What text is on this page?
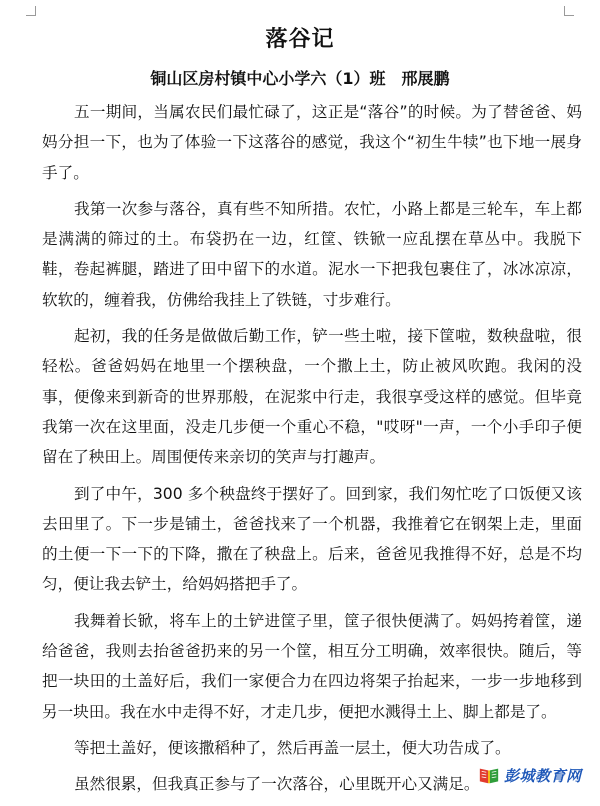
落谷记
铜山区房村镇中心小学六（1）班　邢展鹏

五一期间，当属农民们最忙碌了，这正是“落谷”的时候。为了替爸爸、妈妈分担一下，也为了体验一下这落谷的感觉，我这个“初生牛犊”也下地一展身手了。

我第一次参与落谷，真有些不知所措。农忙，小路上都是三轮车，车上都是满满的筛过的土。布袋扔在一边，红筐、铁锨一应乱摆在草丛中。我脱下鞋，卷起裤腿，踏进了田中留下的水道。泥水一下把我包裹住了，冰冰凉凉，软软的，缠着我，仿佛给我挂上了铁链，寸步难行。

起初，我的任务是做做后勤工作，铲一些土啦，接下筐啦，数秧盘啦，很轻松。爸爸妈妈在地里一个摆秧盘，一个撒上土，防止被风吹跑。我闲的没事，便像来到新奇的世界那般，在泥浆中行走，我很享受这样的感觉。但毕竟我第一次在这里面，没走几步便一个重心不稳，"哎呀"一声，一个小手印子便留在了秧田上。周围便传来亲切的笑声与打趣声。

到了中午，300 多个秧盘终于摆好了。回到家，我们匆忙吃了口饭便又该去田里了。下一步是铺土，爸爸找来了一个机器，我推着它在钢架上走，里面的土便一下一下的下降，撒在了秧盘上。后来，爸爸见我推得不好，总是不均匀，便让我去铲土，给妈妈搭把手了。

我舞着长锨，将车上的土铲进筐子里，筐子很快便满了。妈妈挎着筐，递给爸爸，我则去抬爸爸扔来的另一个筐，相互分工明确，效率很快。随后，等把一块田的土盖好后，我们一家便合力在四边将架子抬起来，一步一步地移到另一块田。我在水中走得不好，才走几步，便把水溅得土上、脚上都是了。

等把土盖好，便该撒稻种了，然后再盖一层土，便大功告成了。

虽然很累，但我真正参与了一次落谷，心里既开心又满足。	彭城教育网
